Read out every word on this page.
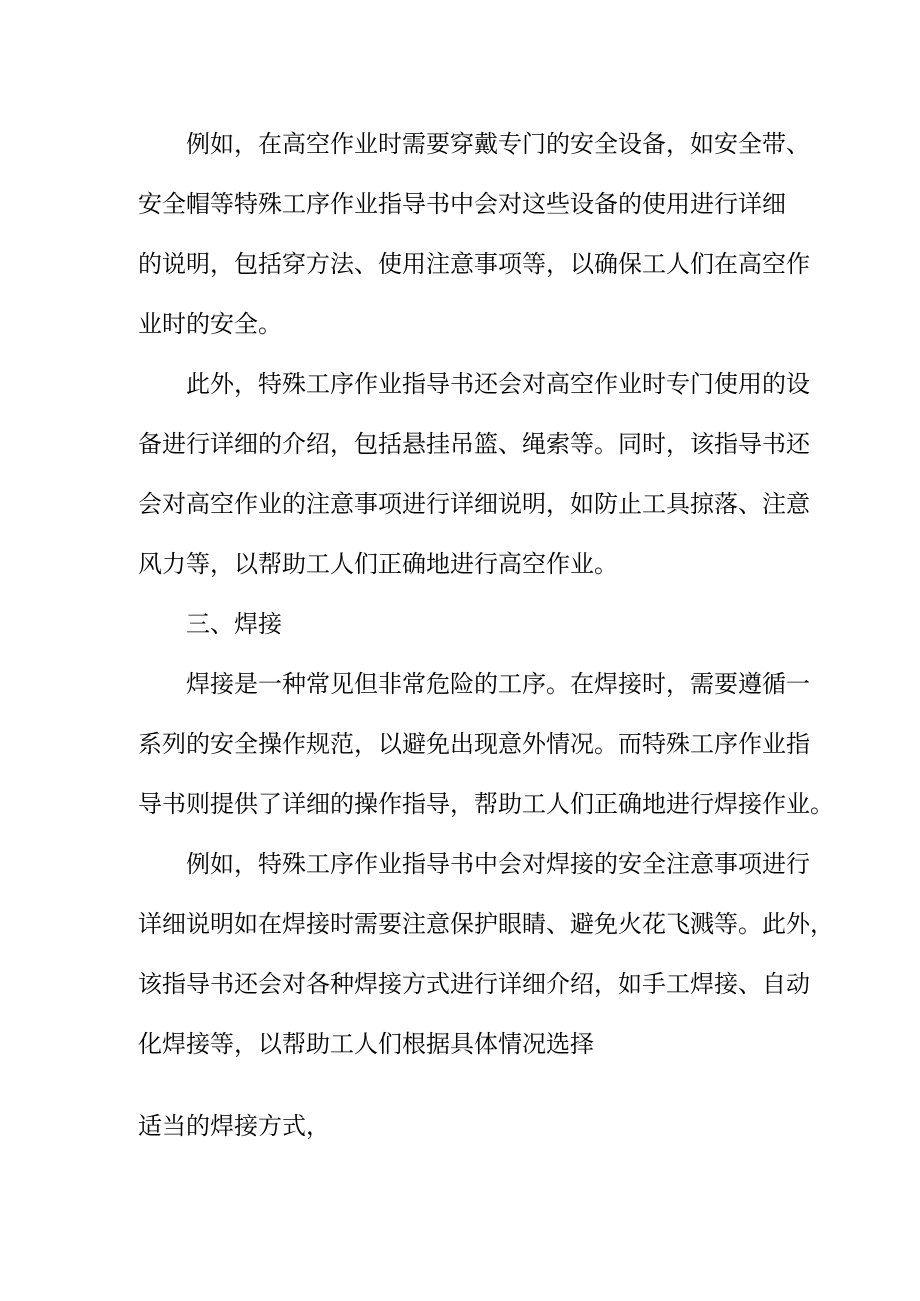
例如，在高空作业时需要穿戴专门的安全设备，如安全带、

安全帽等特殊工序作业指导书中会对这些设备的使用进行详细

的说明，包括穿方法、使用注意事项等，以确保工人们在高空作

业时的安全。

此外，特殊工序作业指导书还会对高空作业时专门使用的设

备进行详细的介绍，包括悬挂吊篮、绳索等。同时，该指导书还

会对高空作业的注意事项进行详细说明，如防止工具掠落、注意

风力等，以帮助工人们正确地进行高空作业。

三、焊接

焊接是一种常见但非常危险的工序。在焊接时，需要遵循一

系列的安全操作规范，以避免出现意外情况。而特殊工序作业指

导书则提供了详细的操作指导，帮助工人们正确地进行焊接作业。

例如，特殊工序作业指导书中会对焊接的安全注意事项进行

详细说明如在焊接时需要注意保护眼睛、避免火花飞溅等。此外，

该指导书还会对各种焊接方式进行详细介绍，如手工焊接、自动

化焊接等，以帮助工人们根据具体情况选择

适当的焊接方式，
